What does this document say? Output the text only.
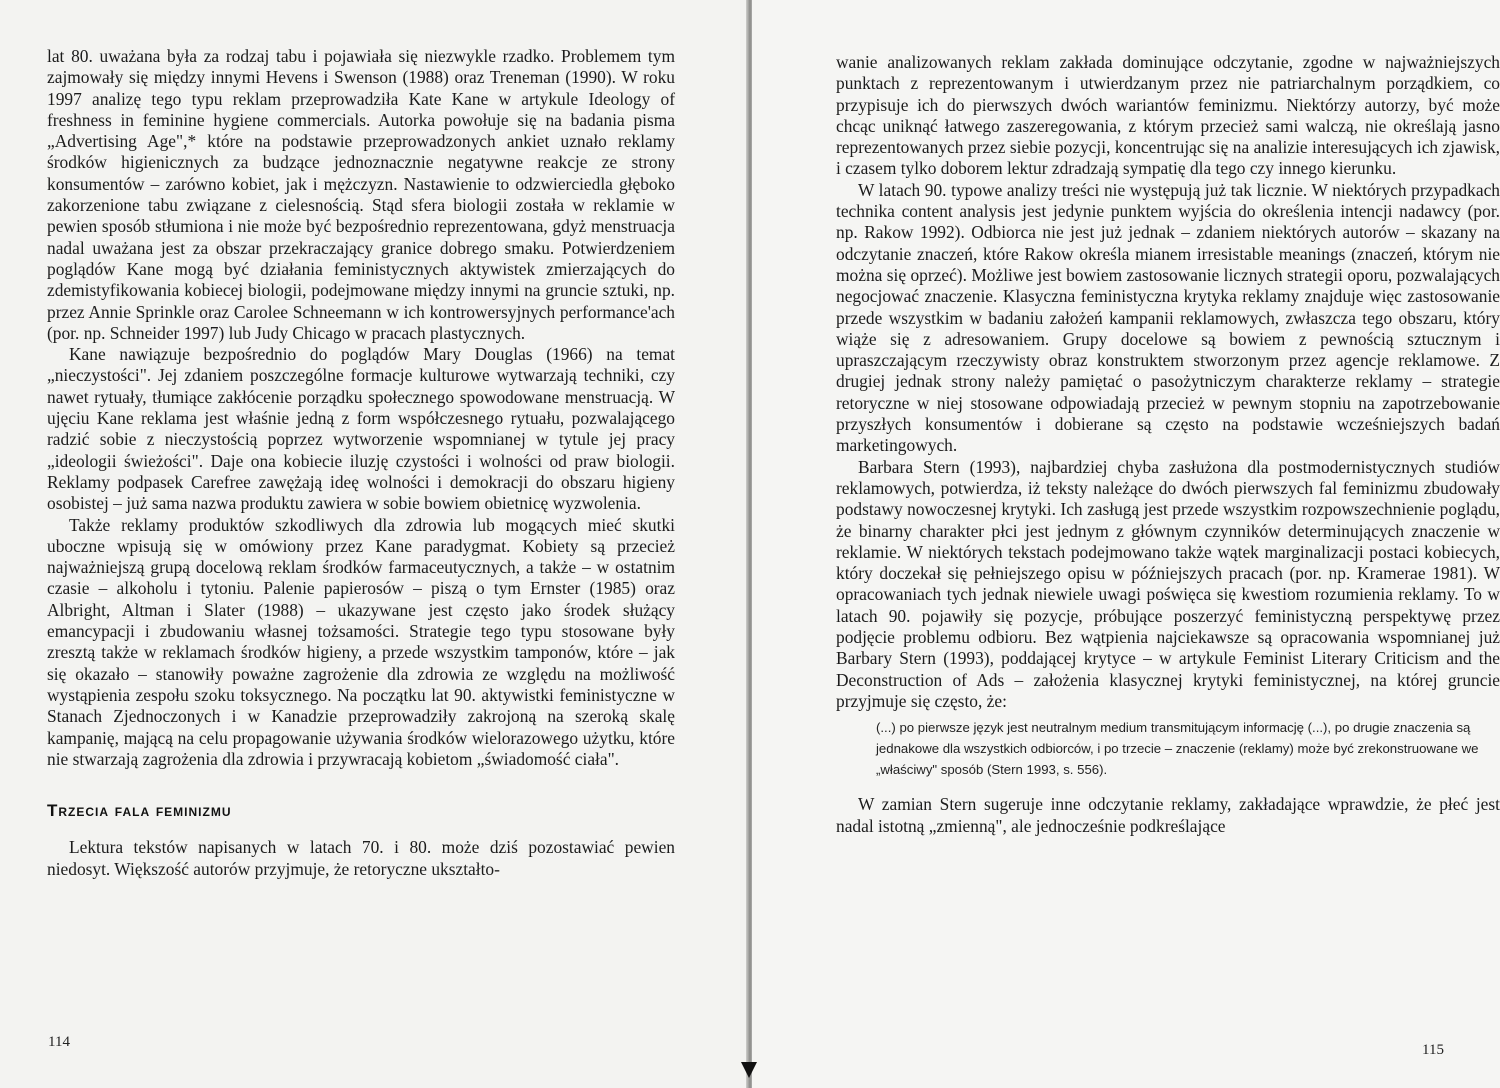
lat 80. uważana była za rodzaj tabu i pojawiała się niezwykle rzadko. Problemem tym zajmowały się między innymi Hevens i Swenson (1988) oraz Treneman (1990). W roku 1997 analizę tego typu reklam przeprowadziła Kate Kane w artykule Ideology of freshness in feminine hygiene commercials. Autorka powołuje się na badania pisma „Advertising Age",* które na podstawie przeprowadzonych ankiet uznało reklamy środków higienicznych za budzące jednoznacznie negatywne reakcje ze strony konsumentów – zarówno kobiet, jak i mężczyzn. Nastawienie to odzwierciedla głęboko zakorzenione tabu związane z cielesnością. Stąd sfera biologii została w reklamie w pewien sposób stłumiona i nie może być bezpośrednio reprezentowana, gdyż menstruacja nadal uważana jest za obszar przekraczający granice dobrego smaku. Potwierdzeniem poglądów Kane mogą być działania feministycznych aktywistek zmierzających do zdemistyfikowania kobiecej biologii, podejmowane między innymi na gruncie sztuki, np. przez Annie Sprinkle oraz Carolee Schneemann w ich kontrowersyjnych performance'ach (por. np. Schneider 1997) lub Judy Chicago w pracach plastycznych.

Kane nawiązuje bezpośrednio do poglądów Mary Douglas (1966) na temat „nieczystości". Jej zdaniem poszczególne formacje kulturowe wytwarzają techniki, czy nawet rytuały, tłumiące zakłócenie porządku społecznego spowodowane menstruacją. W ujęciu Kane reklama jest właśnie jedną z form współczesnego rytuału, pozwalającego radzić sobie z nieczystością poprzez wytworzenie wspomnianej w tytule jej pracy „ideologii świeżości". Daje ona kobiecie iluzję czystości i wolności od praw biologii. Reklamy podpasek Carefree zawężają ideę wolności i demokracji do obszaru higieny osobistej – już sama nazwa produktu zawiera w sobie bowiem obietnicę wyzwolenia.

Także reklamy produktów szkodliwych dla zdrowia lub mogących mieć skutki uboczne wpisują się w omówiony przez Kane paradygmat. Kobiety są przecież najważniejszą grupą docelową reklam środków farmaceutycznych, a także – w ostatnim czasie – alkoholu i tytoniu. Palenie papierosów – piszą o tym Ernster (1985) oraz Albright, Altman i Slater (1988) – ukazywane jest często jako środek służący emancypacji i zbudowaniu własnej tożsamości. Strategie tego typu stosowane były zresztą także w reklamach środków higieny, a przede wszystkim tamponów, które – jak się okazało – stanowiły poważne zagrożenie dla zdrowia ze względu na możliwość wystąpienia zespołu szoku toksycznego. Na początku lat 90. aktywistki feministyczne w Stanach Zjednoczonych i w Kanadzie przeprowadziły zakrojoną na szeroką skalę kampanię, mającą na celu propagowanie używania środków wielorazowego użytku, które nie stwarzają zagrożenia dla zdrowia i przywracają kobietom „świadomość ciała".

Trzecia fala feminizmu

Lektura tekstów napisanych w latach 70. i 80. może dziś pozostawiać pewien niedosyt. Większość autorów przyjmuje, że retoryczne ukształto-

114

wanie analizowanych reklam zakłada dominujące odczytanie, zgodne w najważniejszych punktach z reprezentowanym i utwierdzanym przez nie patriarchalnym porządkiem, co przypisuje ich do pierwszych dwóch wariantów feminizmu. Niektórzy autorzy, być może chcąc uniknąć łatwego zaszeregowania, z którym przecież sami walczą, nie określają jasno reprezentowanych przez siebie pozycji, koncentrując się na analizie interesujących ich zjawisk, i czasem tylko doborem lektur zdradzają sympatię dla tego czy innego kierunku.

W latach 90. typowe analizy treści nie występują już tak licznie. W niektórych przypadkach technika content analysis jest jedynie punktem wyjścia do określenia intencji nadawcy (por. np. Rakow 1992). Odbiorca nie jest już jednak – zdaniem niektórych autorów – skazany na odczytanie znaczeń, które Rakow określa mianem irresistable meanings (znaczeń, którym nie można się oprzeć). Możliwe jest bowiem zastosowanie licznych strategii oporu, pozwalających negocjować znaczenie. Klasyczna feministyczna krytyka reklamy znajduje więc zastosowanie przede wszystkim w badaniu założeń kampanii reklamowych, zwłaszcza tego obszaru, który wiąże się z adresowaniem. Grupy docelowe są bowiem z pewnością sztucznym i upraszczającym rzeczywisty obraz konstruktem stworzonym przez agencje reklamowe. Z drugiej jednak strony należy pamiętać o pasożytniczym charakterze reklamy – strategie retoryczne w niej stosowane odpowiadają przecież w pewnym stopniu na zapotrzebowanie przyszłych konsumentów i dobierane są często na podstawie wcześniejszych badań marketingowych.

Barbara Stern (1993), najbardziej chyba zasłużona dla postmodernistycznych studiów reklamowych, potwierdza, iż teksty należące do dwóch pierwszych fal feminizmu zbudowały podstawy nowoczesnej krytyki. Ich zasługą jest przede wszystkim rozpowszechnienie poglądu, że binarny charakter płci jest jednym z głównym czynników determinujących znaczenie w reklamie. W niektórych tekstach podejmowano także wątek marginalizacji postaci kobiecych, który doczekał się pełniejszego opisu w późniejszych pracach (por. np. Kramerae 1981). W opracowaniach tych jednak niewiele uwagi poświęca się kwestiom rozumienia reklamy. To w latach 90. pojawiły się pozycje, próbujące poszerzyć feministyczną perspektywę przez podjęcie problemu odbioru. Bez wątpienia najciekawsze są opracowania wspomnianej już Barbary Stern (1993), poddającej krytyce – w artykule Feminist Literary Criticism and the Deconstruction of Ads – założenia klasycznej krytyki feministycznej, na której gruncie przyjmuje się często, że:

(...) po pierwsze język jest neutralnym medium transmitującym informację (...), po drugie znaczenia są jednakowe dla wszystkich odbiorców, i po trzecie – znaczenie (reklamy) może być zrekonstruowane we „właściwy" sposób (Stern 1993, s. 556).

W zamian Stern sugeruje inne odczytanie reklamy, zakładające wprawdzie, że płeć jest nadal istotną „zmienną", ale jednocześnie podkreślające

115
